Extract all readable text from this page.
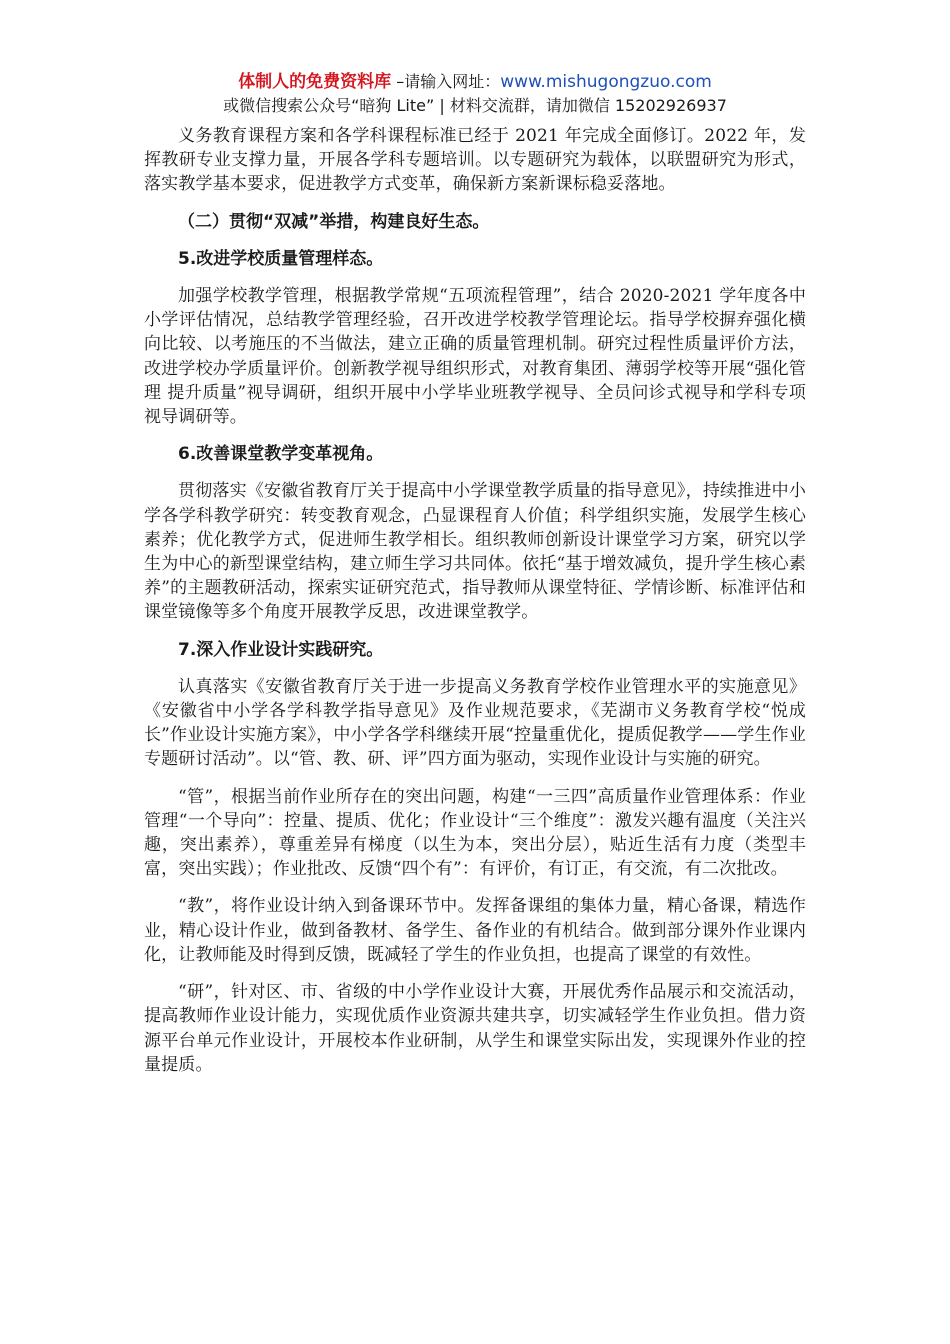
体制人的免费资料库 –请输入网址：www.mishugongzuo.com
或微信搜索公众号“暗狗 Lite” | 材料交流群，请加微信 15202926937

义务教育课程方案和各学科课程标准已经于 2021 年完成全面修订。2022 年，发挥教研专业支撑力量，开展各学科专题培训。以专题研究为载体，以联盟研究为形式，落实教学基本要求，促进教学方式变革，确保新方案新课标稳妥落地。

（二）贯彻“双减”举措，构建良好生态。

5.改进学校质量管理样态。

加强学校教学管理，根据教学常规“五项流程管理”，结合 2020-2021 学年度各中小学评估情况，总结教学管理经验，召开改进学校教学管理论坛。指导学校摒弃强化横向比较、以考施压的不当做法，建立正确的质量管理机制。研究过程性质量评价方法，改进学校办学质量评价。创新教学视导组织形式，对教育集团、薄弱学校等开展“强化管理 提升质量”视导调研，组织开展中小学毕业班教学视导、全员问诊式视导和学科专项视导调研等。

6.改善课堂教学变革视角。

贯彻落实《安徽省教育厅关于提高中小学课堂教学质量的指导意见》，持续推进中小学各学科教学研究：转变教育观念，凸显课程育人价值；科学组织实施，发展学生核心素养；优化教学方式，促进师生教学相长。组织教师创新设计课堂学习方案，研究以学生为中心的新型课堂结构，建立师生学习共同体。依托“基于增效减负，提升学生核心素养”的主题教研活动，探索实证研究范式，指导教师从课堂特征、学情诊断、标准评估和课堂镜像等多个角度开展教学反思，改进课堂教学。

7.深入作业设计实践研究。

认真落实《安徽省教育厅关于进一步提高义务教育学校作业管理水平的实施意见》《安徽省中小学各学科教学指导意见》及作业规范要求，《芜湖市义务教育学校“悦成长”作业设计实施方案》，中小学各学科继续开展“控量重优化，提质促教学——学生作业专题研讨活动”。以“管、教、研、评”四方面为驱动，实现作业设计与实施的研究。

“管”，根据当前作业所存在的突出问题，构建“一三四”高质量作业管理体系：作业管理“一个导向”：控量、提质、优化；作业设计“三个维度”：激发兴趣有温度（关注兴趣，突出素养），尊重差异有梯度（以生为本，突出分层），贴近生活有力度（类型丰富，突出实践）；作业批改、反馈“四个有”：有评价，有订正，有交流，有二次批改。

“教”，将作业设计纳入到备课环节中。发挥备课组的集体力量，精心备课，精选作业，精心设计作业，做到备教材、备学生、备作业的有机结合。做到部分课外作业课内化，让教师能及时得到反馈，既减轻了学生的作业负担，也提高了课堂的有效性。

“研”，针对区、市、省级的中小学作业设计大赛，开展优秀作品展示和交流活动，提高教师作业设计能力，实现优质作业资源共建共享，切实减轻学生作业负担。借力资源平台单元作业设计，开展校本作业研制，从学生和课堂实际出发，实现课外作业的控量提质。
